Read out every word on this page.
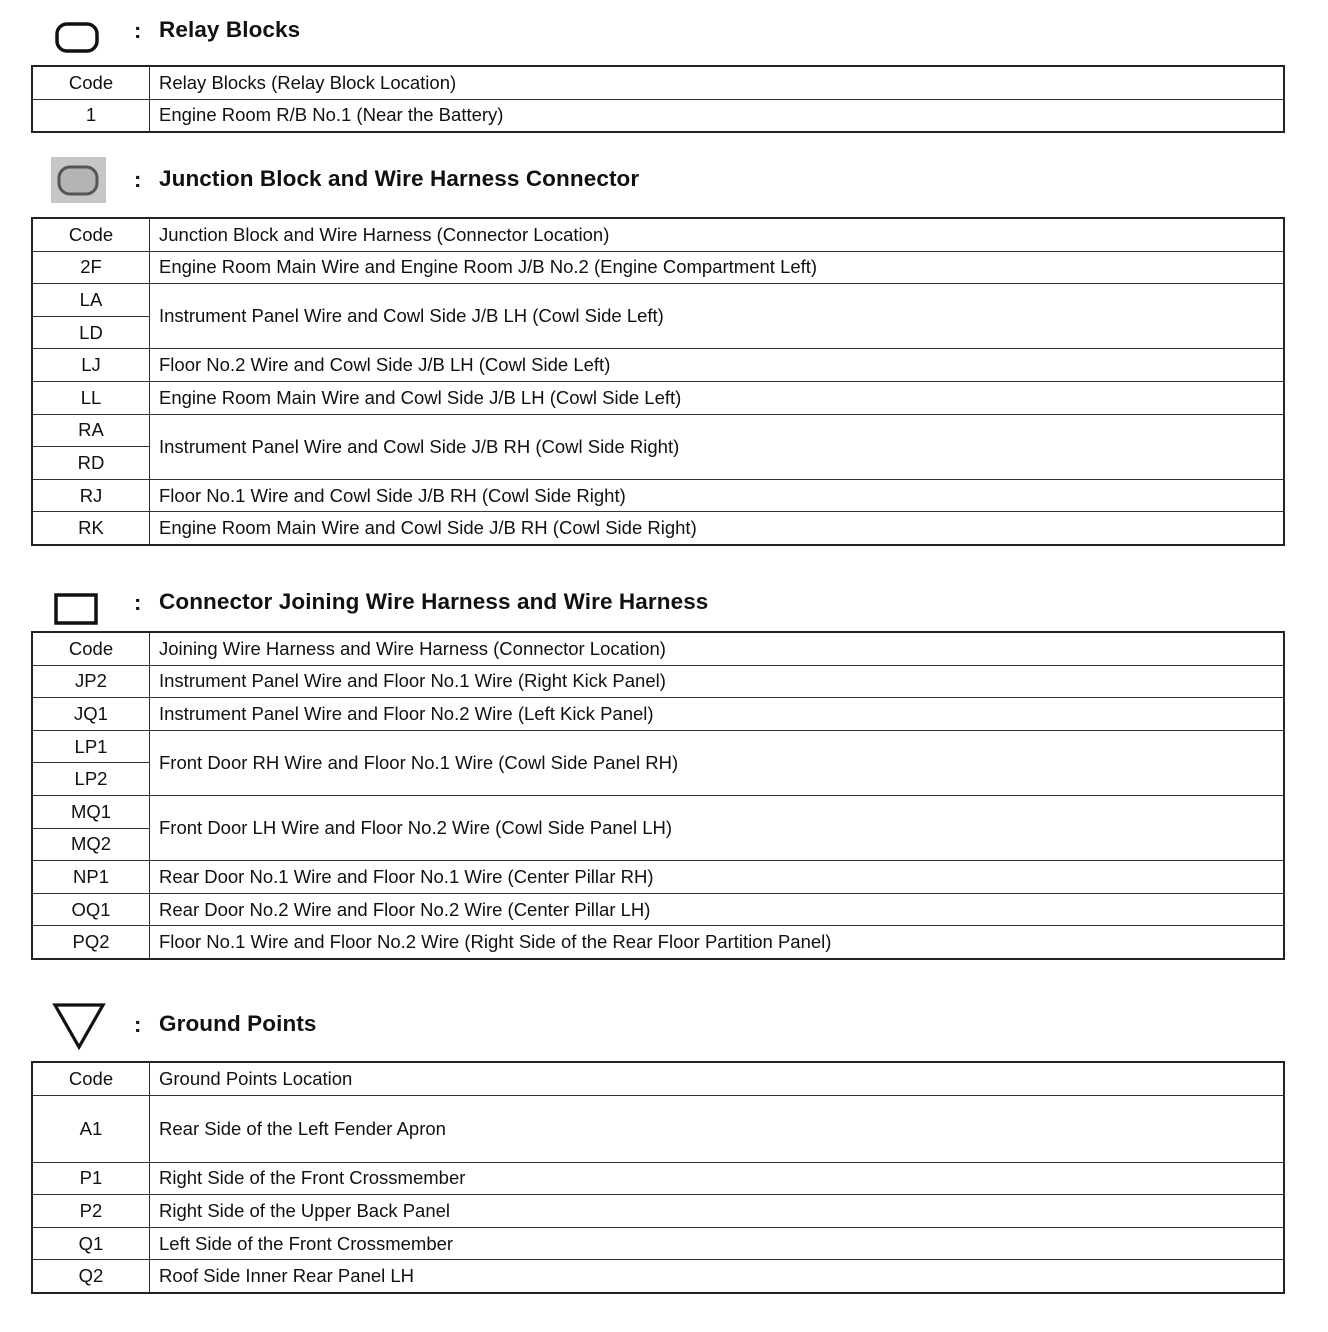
: Relay Blocks
Code	Relay Blocks (Relay Block Location)
1	Engine Room R/B No.1 (Near the Battery)
: Junction Block and Wire Harness Connector
Code	Junction Block and Wire Harness (Connector Location)
2F	Engine Room Main Wire and Engine Room J/B No.2 (Engine Compartment Left)
LA	Instrument Panel Wire and Cowl Side J/B LH (Cowl Side Left)
LD	
LJ	Floor No.2 Wire and Cowl Side J/B LH (Cowl Side Left)
LL	Engine Room Main Wire and Cowl Side J/B LH (Cowl Side Left)
RA	Instrument Panel Wire and Cowl Side J/B RH (Cowl Side Right)
RD	
RJ	Floor No.1 Wire and Cowl Side J/B RH (Cowl Side Right)
RK	Engine Room Main Wire and Cowl Side J/B RH (Cowl Side Right)
: Connector Joining Wire Harness and Wire Harness
Code	Joining Wire Harness and Wire Harness (Connector Location)
JP2	Instrument Panel Wire and Floor No.1 Wire (Right Kick Panel)
JQ1	Instrument Panel Wire and Floor No.2 Wire (Left Kick Panel)
LP1	Front Door RH Wire and Floor No.1 Wire (Cowl Side Panel RH)
LP2	
MQ1	Front Door LH Wire and Floor No.2 Wire (Cowl Side Panel LH)
MQ2	
NP1	Rear Door No.1 Wire and Floor No.1 Wire (Center Pillar RH)
OQ1	Rear Door No.2 Wire and Floor No.2 Wire (Center Pillar LH)
PQ2	Floor No.1 Wire and Floor No.2 Wire (Right Side of the Rear Floor Partition Panel)
: Ground Points
Code	Ground Points Location
A1	Rear Side of the Left Fender Apron
P1	Right Side of the Front Crossmember
P2	Right Side of the Upper Back Panel
Q1	Left Side of the Front Crossmember
Q2	Roof Side Inner Rear Panel LH
